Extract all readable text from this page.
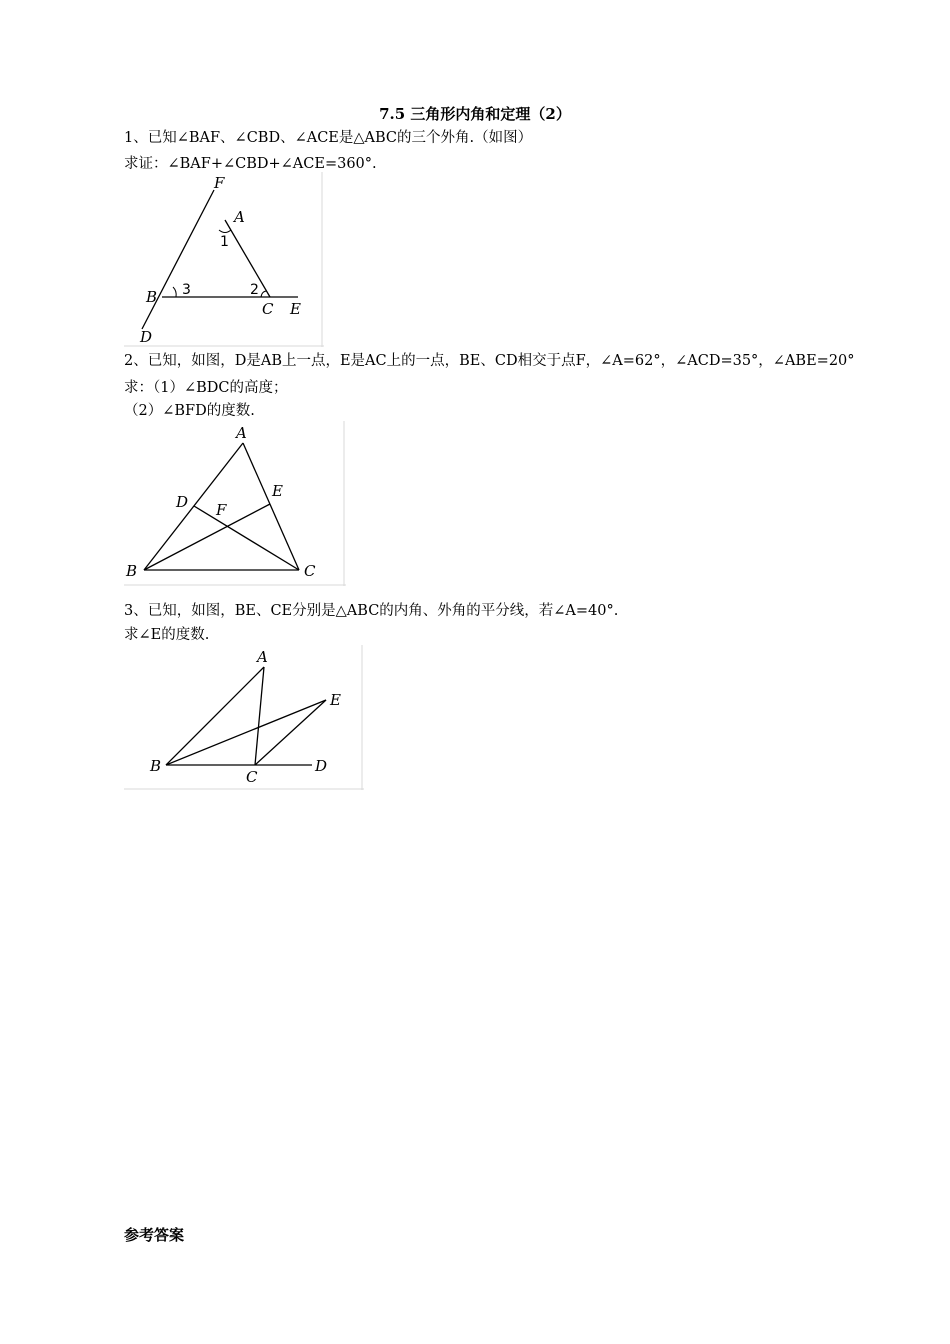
7.5 三角形内角和定理（2）
1、已知∠BAF、∠CBD、∠ACE是△ABC的三个外角.（如图）
求证：∠BAF+∠CBD+∠ACE=360°.
F
A
1
B 3	2
C E
D
2、已知，如图，D是AB上一点，E是AC上的一点，BE、CD相交于点F，∠A=62°，∠ACD=35°，∠ABE=20°
求：（1）∠BDC的高度；
（2）∠BFD的度数.
A
D
E
F
B	C
3、已知，如图，BE、CE分别是△ABC的内角、外角的平分线，若∠A=40°.
求∠E的度数.
A
E
B
C
D
参考答案
